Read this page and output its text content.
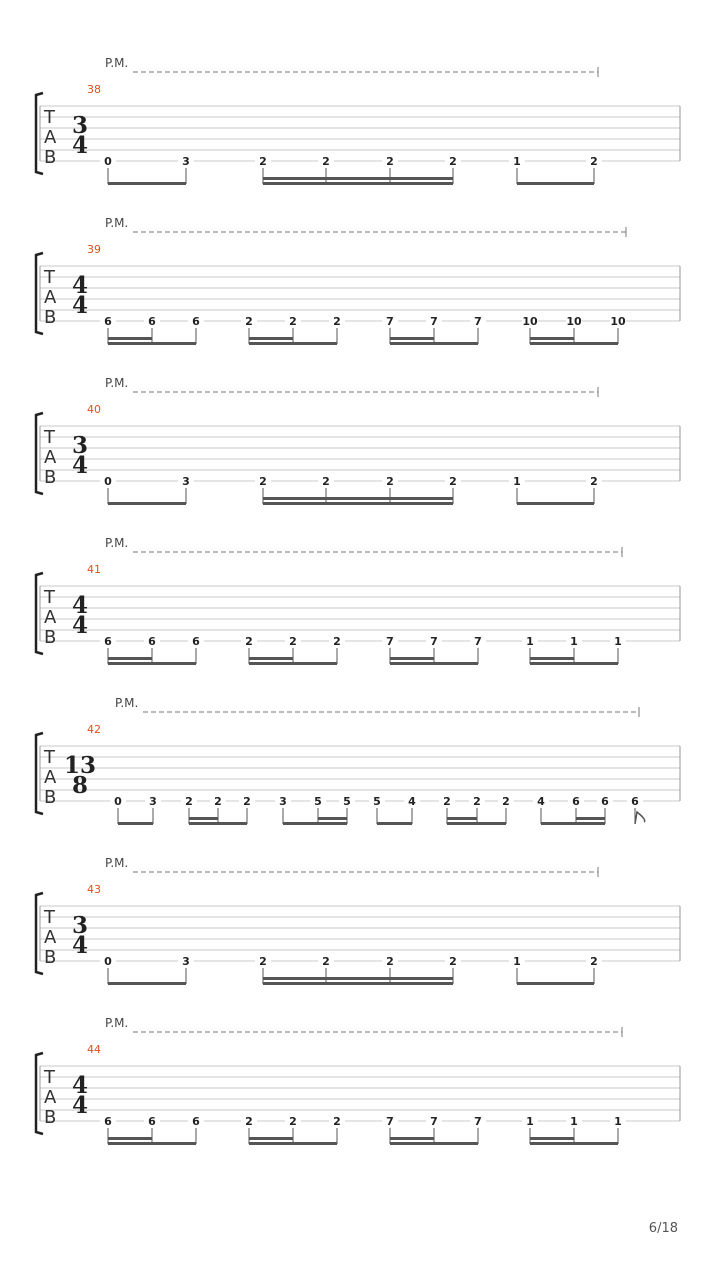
P.M.
38
T
A
B
3
4
0	3	2	2	2	2	1	2
P.M.
39
T
A
B
4
4
6	6	6	2	2	2	7	7	7	10	10	10
P.M.
40
T
A
B
3
4
0	3	2	2	2	2	1	2
P.M.
41
T
A
B
4
4
6	6	6	2	2	2	7	7	7	1	1	1
P.M.
42
T
A
B
13
8
0 3	2 2 2	3 5 5 5 4 2 2 2 4 6 6 6
P.M.
43
T
A
B
3
4
0	3	2	2	2	2	1	2
P.M.
44
T
A
B
4
4
6	6	6	2	2	2	7	7	7	1	1	1
6/18
